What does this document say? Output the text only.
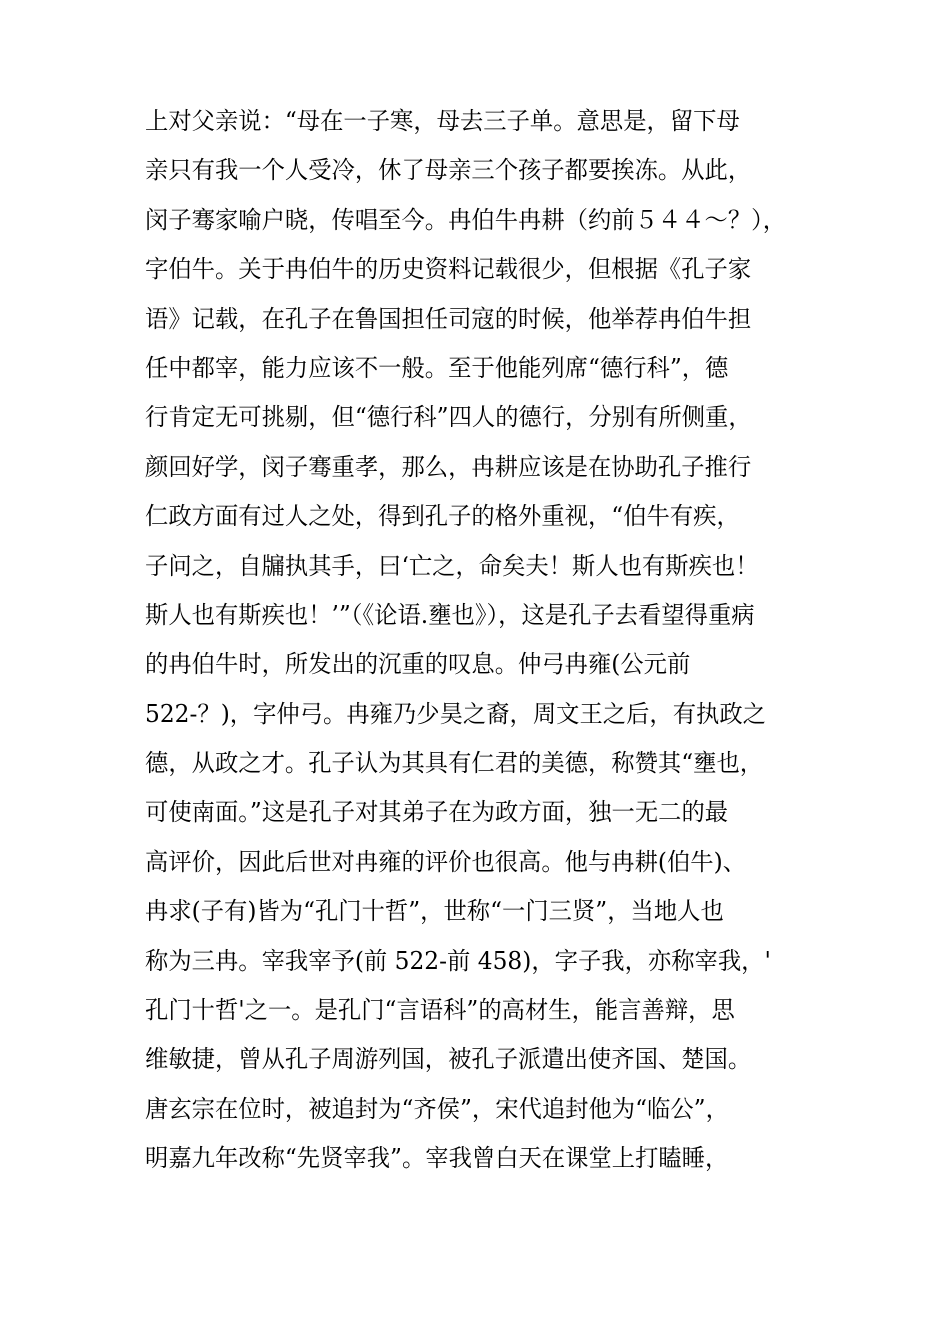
上对父亲说：“母在一子寒，母去三子单。意思是，留下母
亲只有我一个人受冷，休了母亲三个孩子都要挨冻。从此，
闵子骞家喻户晓，传唱至今。冉伯牛冉耕（约前５４４～？），
字伯牛。关于冉伯牛的历史资料记载很少，但根据《孔子家
语》记载，在孔子在鲁国担任司寇的时候，他举荐冉伯牛担
任中都宰，能力应该不一般。至于他能列席“德行科”，德
行肯定无可挑剔，但“德行科”四人的德行，分别有所侧重，
颜回好学，闵子骞重孝，那么，冉耕应该是在协助孔子推行
仁政方面有过人之处，得到孔子的格外重视，“伯牛有疾，
子问之，自牖执其手，曰‘亡之，命矣夫！斯人也有斯疾也！
斯人也有斯疾也！’”（《论语.壅也》），这是孔子去看望得重病
的冉伯牛时，所发出的沉重的叹息。仲弓冉雍(公元前
522-？)，字仲弓。冉雍乃少昊之裔，周文王之后，有执政之
德，从政之才。孔子认为其具有仁君的美德，称赞其“壅也，
可使南面。”这是孔子对其弟子在为政方面，独一无二的最
高评价，因此后世对冉雍的评价也很高。他与冉耕(伯牛)、
冉求(子有)皆为“孔门十哲”，世称“一门三贤”，当地人也
称为三冉。宰我宰予(前 522-前 458)，字子我，亦称宰我，'
孔门十哲'之一。是孔门“言语科”的高材生，能言善辩，思
维敏捷，曾从孔子周游列国，被孔子派遣出使齐国、楚国。
唐玄宗在位时，被追封为“齐侯”，宋代追封他为“临公”，
明嘉九年改称“先贤宰我”。宰我曾白天在课堂上打瞌睡，
